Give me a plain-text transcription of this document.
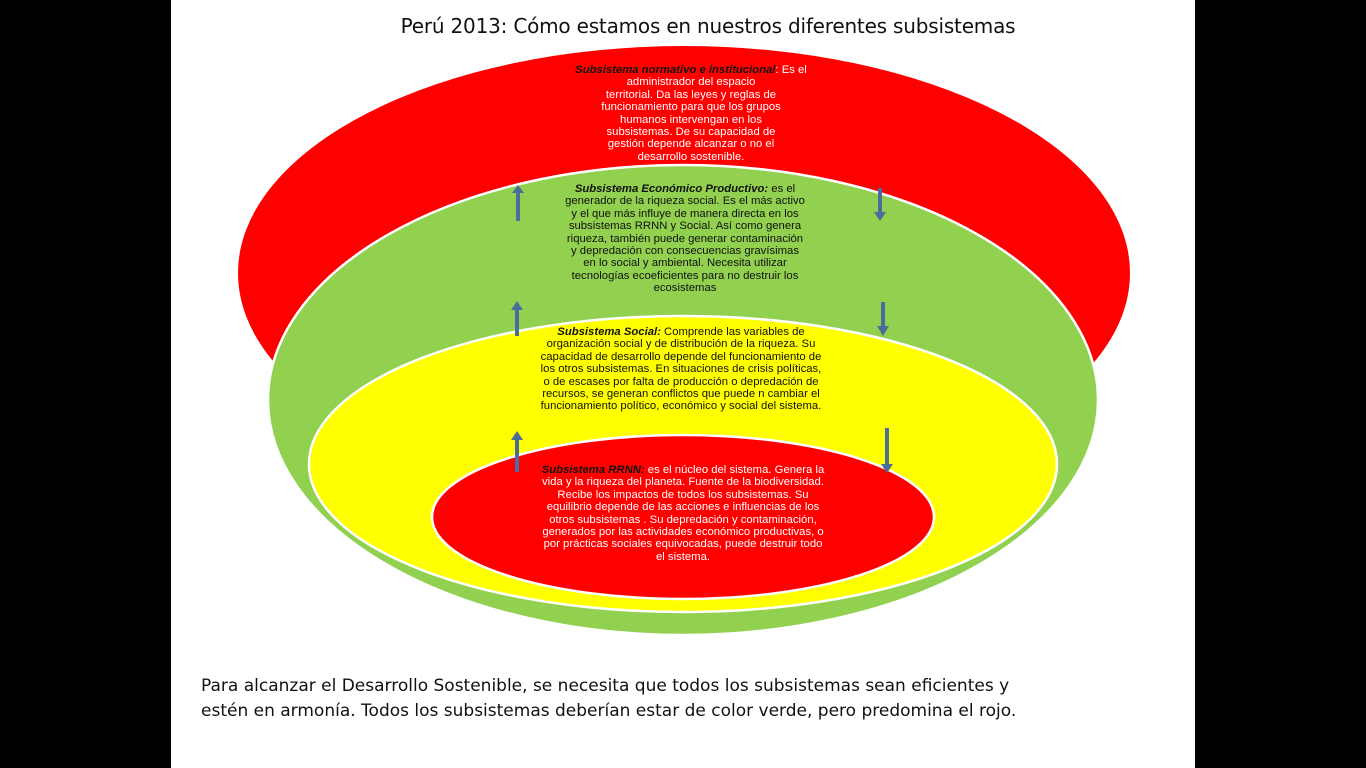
Perú 2013: Cómo estamos en nuestros diferentes subsistemas
Subsistema normativo e institucional: Es el administrador del espacio
territorial. Da las leyes y reglas de
funcionamiento para que los grupos
humanos intervengan en los
subsistemas. De su capacidad de
gestión depende alcanzar o no el
desarrollo sostenible.
Subsistema Económico Productivo: es el
generador de la riqueza social. Es el más activo
y el que más influye de manera directa en los
subsistemas RRNN y Social. Así como genera
riqueza, también puede generar contaminación
y depredación con consecuencias gravísimas
en lo social y ambiental. Necesita utilizar
tecnologías ecoeficientes para no destruir los
ecosistemas
Subsistema Social: Comprende las variables de
organización social y de distribución de la riqueza. Su
capacidad de desarrollo depende del funcionamiento de
los otros subsistemas. En situaciones de crisis políticas,
o de escases por falta de producción o depredación de
recursos, se generan conflictos que puede n cambiar el
funcionamiento político, económico y social del sistema.
Subsistema RRNN: es el núcleo del sistema. Genera la
vida y la riqueza del planeta. Fuente de la biodiversidad.
Recibe los impactos de todos los subsistemas. Su
equilibrio depende de las acciones e influencias de los
otros subsistemas . Su depredación y contaminación,
generados por las actividades económico productivas, o
por prácticas sociales equivocadas, puede destruir todo
el sistema.
Para alcanzar el Desarrollo Sostenible, se necesita que todos los subsistemas sean eficientes y
estén en armonía. Todos los subsistemas deberían estar de color verde, pero predomina el rojo.
